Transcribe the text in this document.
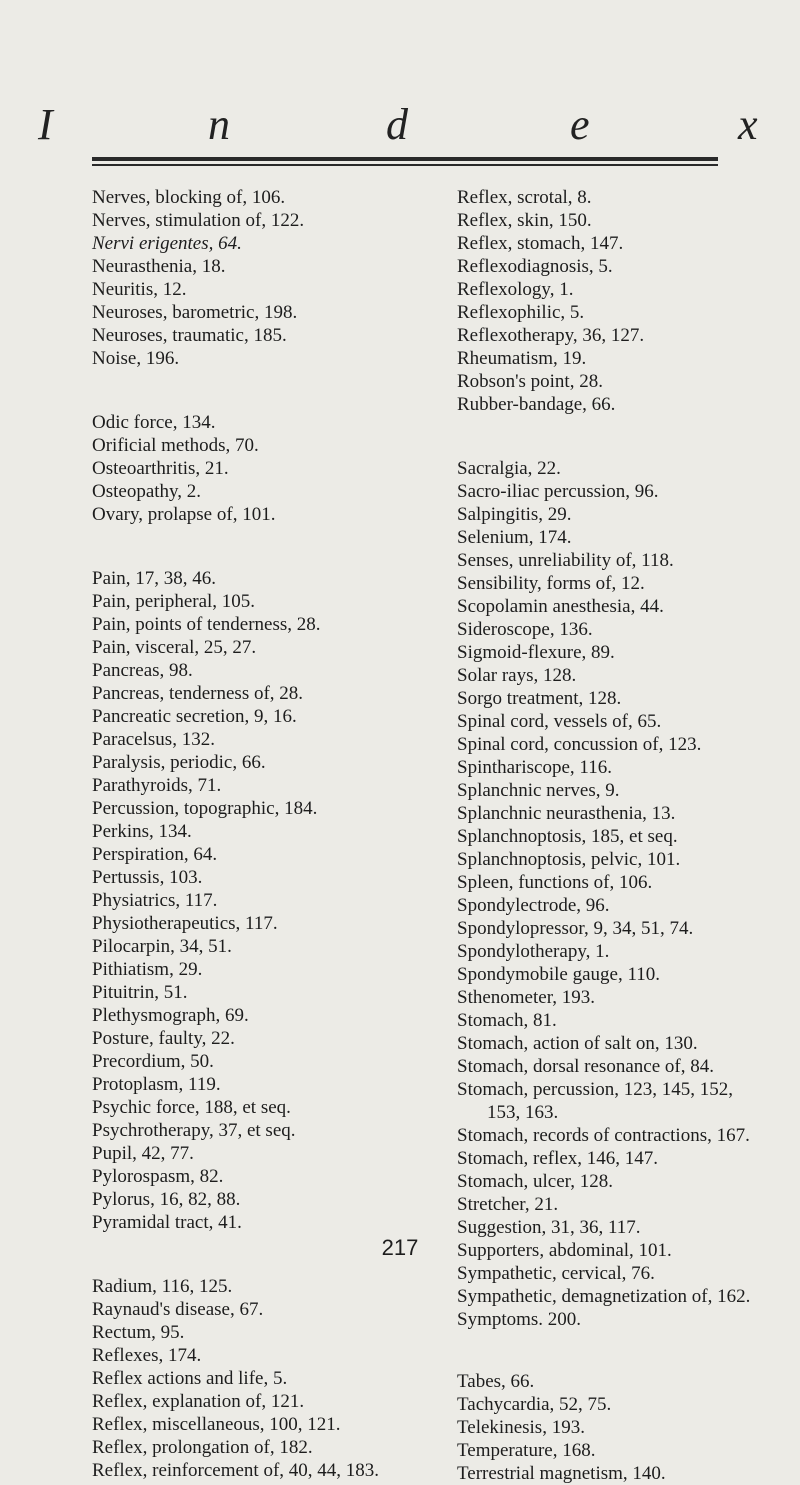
I	n	d	e	x
Nerves, blocking of, 106.
Nerves, stimulation of, 122.
Nervi erigentes, 64.
Neurasthenia, 18.
Neuritis, 12.
Neuroses, barometric, 198.
Neuroses, traumatic, 185.
Noise, 196.
Odic force, 134.
Orificial methods, 70.
Osteoarthritis, 21.
Osteopathy, 2.
Ovary, prolapse of, 101.
Pain, 17, 38, 46.
Pain, peripheral, 105.
Pain, points of tenderness, 28.
Pain, visceral, 25, 27.
Pancreas, 98.
Pancreas, tenderness of, 28.
Pancreatic secretion, 9, 16.
Paracelsus, 132.
Paralysis, periodic, 66.
Parathyroids, 71.
Percussion, topographic, 184.
Perkins, 134.
Perspiration, 64.
Pertussis, 103.
Physiatrics, 117.
Physiotherapeutics, 117.
Pilocarpin, 34, 51.
Pithiatism, 29.
Pituitrin, 51.
Plethysmograph, 69.
Posture, faulty, 22.
Precordium, 50.
Protoplasm, 119.
Psychic force, 188, et seq.
Psychrotherapy, 37, et seq.
Pupil, 42, 77.
Pylorospasm, 82.
Pylorus, 16, 82, 88.
Pyramidal tract, 41.
Radium, 116, 125.
Raynaud's disease, 67.
Rectum, 95.
Reflexes, 174.
Reflex actions and life, 5.
Reflex, explanation of, 121.
Reflex, miscellaneous, 100, 121.
Reflex, prolongation of, 182.
Reflex, reinforcement of, 40, 44, 183.
Reflex, scrotal, 8.
Reflex, skin, 150.
Reflex, stomach, 147.
Reflexodiagnosis, 5.
Reflexology, 1.
Reflexophilic, 5.
Reflexotherapy, 36, 127.
Rheumatism, 19.
Robson's point, 28.
Rubber-bandage, 66.
Sacralgia, 22.
Sacro-iliac percussion, 96.
Salpingitis, 29.
Selenium, 174.
Senses, unreliability of, 118.
Sensibility, forms of, 12.
Scopolamin anesthesia, 44.
Sideroscope, 136.
Sigmoid-flexure, 89.
Solar rays, 128.
Sorgo treatment, 128.
Spinal cord, vessels of, 65.
Spinal cord, concussion of, 123.
Spinthariscope, 116.
Splanchnic nerves, 9.
Splanchnic neurasthenia, 13.
Splanchnoptosis, 185, et seq.
Splanchnoptosis, pelvic, 101.
Spleen, functions of, 106.
Spondylectrode, 96.
Spondylopressor, 9, 34, 51, 74.
Spondylotherapy, 1.
Spondymobile gauge, 110.
Sthenometer, 193.
Stomach, 81.
Stomach, action of salt on, 130.
Stomach, dorsal resonance of, 84.
Stomach, percussion, 123, 145, 152,
153, 163.
Stomach, records of contractions, 167.
Stomach, reflex, 146, 147.
Stomach, ulcer, 128.
Stretcher, 21.
Suggestion, 31, 36, 117.
Supporters, abdominal, 101.
Sympathetic, cervical, 76.
Sympathetic, demagnetization of, 162.
Symptoms. 200.
Tabes, 66.
Tachycardia, 52, 75.
Telekinesis, 193.
Temperature, 168.
Terrestrial magnetism, 140.
217
